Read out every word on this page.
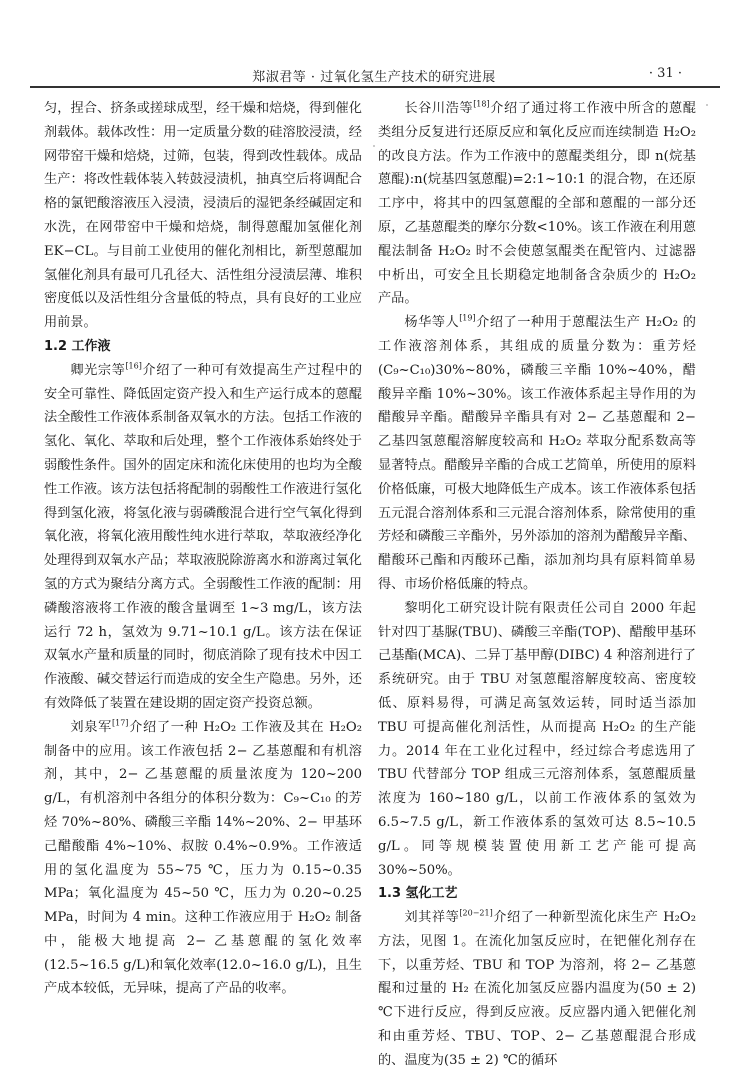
郑淑君等 · 过氧化氢生产技术的研究进展	· 31 ·

匀，捏合、挤条或搓球成型，经干燥和焙烧，得到催化剂载体。载体改性：用一定质量分数的硅溶胶浸渍，经网带窑干燥和焙烧，过筛，包装，得到改性载体。成品生产：将改性载体装入转鼓浸渍机，抽真空后将调配合格的氯钯酸溶液压入浸渍，浸渍后的湿钯条经碱固定和水洗，在网带窑中干燥和焙烧，制得蒽醌加氢催化剂 EK−CL。与目前工业使用的催化剂相比，新型蒽醌加氢催化剂具有最可几孔径大、活性组分浸渍层薄、堆积密度低以及活性组分含量低的特点，具有良好的工业应用前景。

1.2 工作液

卿光宗等[16]介绍了一种可有效提高生产过程中的安全可靠性、降低固定资产投入和生产运行成本的蒽醌法全酸性工作液体系制备双氧水的方法。包括工作液的氢化、氧化、萃取和后处理，整个工作液体系始终处于弱酸性条件。国外的固定床和流化床使用的也均为全酸性工作液。该方法包括将配制的弱酸性工作液进行氢化得到氢化液，将氢化液与弱磷酸混合进行空气氧化得到氧化液，将氧化液用酸性纯水进行萃取，萃取液经净化处理得到双氧水产品；萃取液脱除游离水和游离过氧化氢的方式为聚结分离方式。全弱酸性工作液的配制：用磷酸溶液将工作液的酸含量调至 1~3 mg/L，该方法运行 72 h，氢效为 9.71~10.1 g/L。该方法在保证双氧水产量和质量的同时，彻底消除了现有技术中因工作液酸、碱交替运行而造成的安全生产隐患。另外，还有效降低了装置在建设期的固定资产投资总额。

刘泉军[17]介绍了一种 H₂O₂ 工作液及其在 H₂O₂ 制备中的应用。该工作液包括 2− 乙基蒽醌和有机溶剂，其中，2− 乙基蒽醌的质量浓度为 120~200 g/L，有机溶剂中各组分的体积分数为：C₉~C₁₀ 的芳烃 70%~80%、磷酸三辛酯 14%~20%、2− 甲基环己醋酸酯 4%~10%、叔胺 0.4%~0.9%。工作液适用的氢化温度为 55~75 ℃，压力为 0.15~0.35 MPa；氧化温度为 45~50 ℃，压力为 0.20~0.25 MPa，时间为 4 min。这种工作液应用于 H₂O₂ 制备中，能极大地提高 2− 乙基蒽醌的氢化效率(12.5~16.5 g/L)和氧化效率(12.0~16.0 g/L)，且生产成本较低，无异味，提高了产品的收率。

长谷川浩等[18]介绍了通过将工作液中所含的蒽醌类组分反复进行还原反应和氧化反应而连续制造 H₂O₂ 的改良方法。作为工作液中的蒽醌类组分，即 n(烷基蒽醌):n(烷基四氢蒽醌)=2:1~10:1 的混合物，在还原工序中，将其中的四氢蒽醌的全部和蒽醌的一部分还原，乙基蒽醌类的摩尔分数<10%。该工作液在利用蒽醌法制备 H₂O₂ 时不会使蒽氢醌类在配管内、过滤器中析出，可安全且长期稳定地制备含杂质少的 H₂O₂ 产品。

杨华等人[19]介绍了一种用于蒽醌法生产 H₂O₂ 的工作液溶剂体系，其组成的质量分数为：重芳烃(C₉~C₁₀)30%~80%，磷酸三辛酯 10%~40%，醋酸异辛酯 10%~30%。该工作液体系起主导作用的为醋酸异辛酯。醋酸异辛酯具有对 2− 乙基蒽醌和 2− 乙基四氢蒽醌溶解度较高和 H₂O₂ 萃取分配系数高等显著特点。醋酸异辛酯的合成工艺简单，所使用的原料价格低廉，可极大地降低生产成本。该工作液体系包括五元混合溶剂体系和三元混合溶剂体系，除常使用的重芳烃和磷酸三辛酯外，另外添加的溶剂为醋酸异辛酯、醋酸环己酯和丙酸环己酯，添加剂均具有原料简单易得、市场价格低廉的特点。

黎明化工研究设计院有限责任公司自 2000 年起针对四丁基脲(TBU)、磷酸三辛酯(TOP)、醋酸甲基环己基酯(MCA)、二异丁基甲醇(DIBC) 4 种溶剂进行了系统研究。由于 TBU 对氢蒽醌溶解度较高、密度较低、原料易得，可满足高氢效运转，同时适当添加 TBU 可提高催化剂活性，从而提高 H₂O₂ 的生产能力。2014 年在工业化过程中，经过综合考虑选用了 TBU 代替部分 TOP 组成三元溶剂体系，氢蒽醌质量浓度为 160~180 g/L，以前工作液体系的氢效为 6.5~7.5 g/L，新工作液体系的氢效可达 8.5~10.5 g/L。同等规模装置使用新工艺产能可提高 30%~50%。

1.3 氢化工艺

刘其祥等[20−21]介绍了一种新型流化床生产 H₂O₂ 方法，见图 1。在流化加氢反应时，在钯催化剂存在下，以重芳烃、TBU 和 TOP 为溶剂，将 2− 乙基蒽醌和过量的 H₂ 在流化加氢反应器内温度为(50 ± 2) ℃下进行反应，得到反应液。反应器内通入钯催化剂和由重芳烃、TBU、TOP、2− 乙基蒽醌混合形成的、温度为(35 ± 2) ℃的循环
